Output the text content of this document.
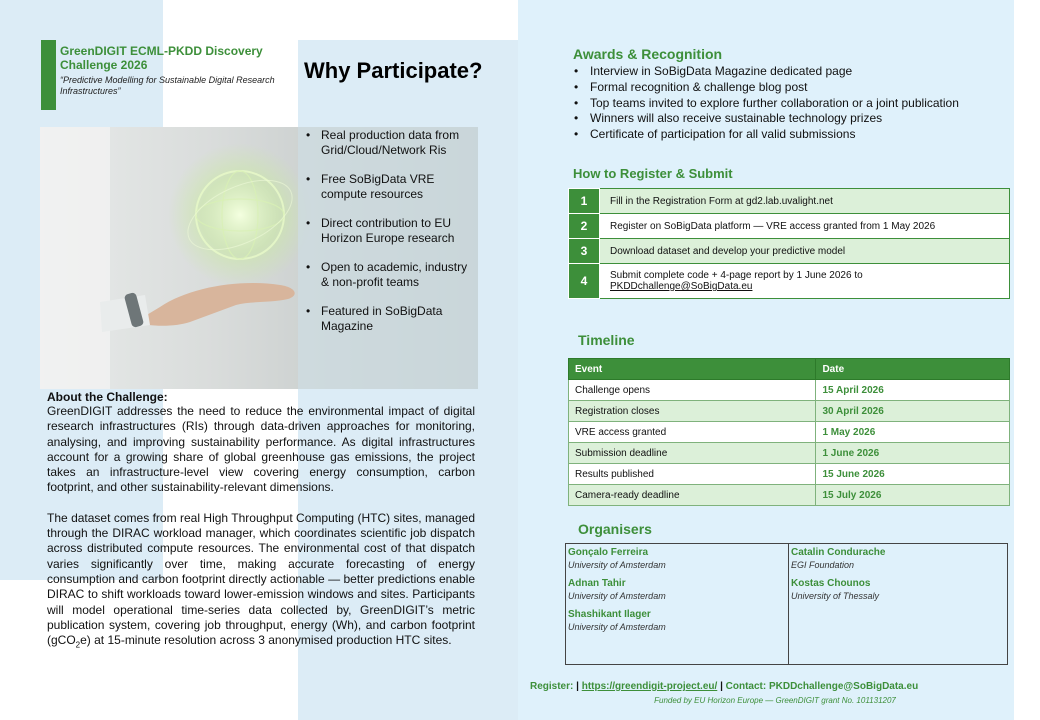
GreenDIGIT ECML-PKDD Discovery Challenge 2026
“Predictive Modelling for Sustainable Digital Research Infrastructures”
Why Participate?
• Real production data from Grid/Cloud/Network Ris
• Free SoBigData VRE compute resources
• Direct contribution to EU Horizon Europe research
• Open to academic, industry & non-profit teams
• Featured in SoBigData Magazine
About the Challenge:

GreenDIGIT addresses the need to reduce the environmental impact of digital research infrastructures (RIs) through data-driven approaches for monitoring, analysing, and improving sustainability performance. As digital infrastructures account for a growing share of global greenhouse gas emissions, the project takes an infrastructure-level view covering energy consumption, carbon footprint, and other sustainability-relevant dimensions.

The dataset comes from real High Throughput Computing (HTC) sites, managed through the DIRAC workload manager, which coordinates scientific job dispatch across distributed compute resources. The environmental cost of that dispatch varies significantly over time, making accurate forecasting of energy consumption and carbon footprint directly actionable — better predictions enable DIRAC to shift workloads toward lower-emission windows and sites. Participants will model operational time-series data collected by, GreenDIGIT’s metric publication system, covering job throughput, energy (Wh), and carbon footprint (gCO$_2$e) at 15-minute resolution across 3 anonymised production HTC sites.

Awards & Recognition
• Interview in SoBigData Magazine dedicated page
• Formal recognition & challenge blog post
• Top teams invited to explore further collaboration or a joint publication
• Winners will also receive sustainable technology prizes
• Certificate of participation for all valid submissions
How to Register & Submit
1	Fill in the Registration Form at gd2.lab.uvalight.net
2	Register on SoBigData platform — VRE access granted from 1 May 2026
3	Download dataset and develop your predictive model
4	Submit complete code + 4-page report by 1 June 2026 to
PKDDchallenge@SoBigData.eu
Timeline
Event	Date
Challenge opens	15 April 2026
Registration closes	30 April 2026
VRE access granted	1 May 2026
Submission deadline	1 June 2026
Results published	15 June 2026
Camera-ready deadline	15 July 2026
Organisers
Gonçalo Ferreira
University of Amsterdam
Adnan Tahir
University of Amsterdam
Shashikant Ilager
University of Amsterdam
Catalin Condurache
EGI Foundation
Kostas Chounos
University of Thessaly
Register: | https://greendigit-project.eu/ | Contact: PKDDchallenge@SoBigData.eu
Funded by EU Horizon Europe — GreenDIGIT grant No. 101131207
